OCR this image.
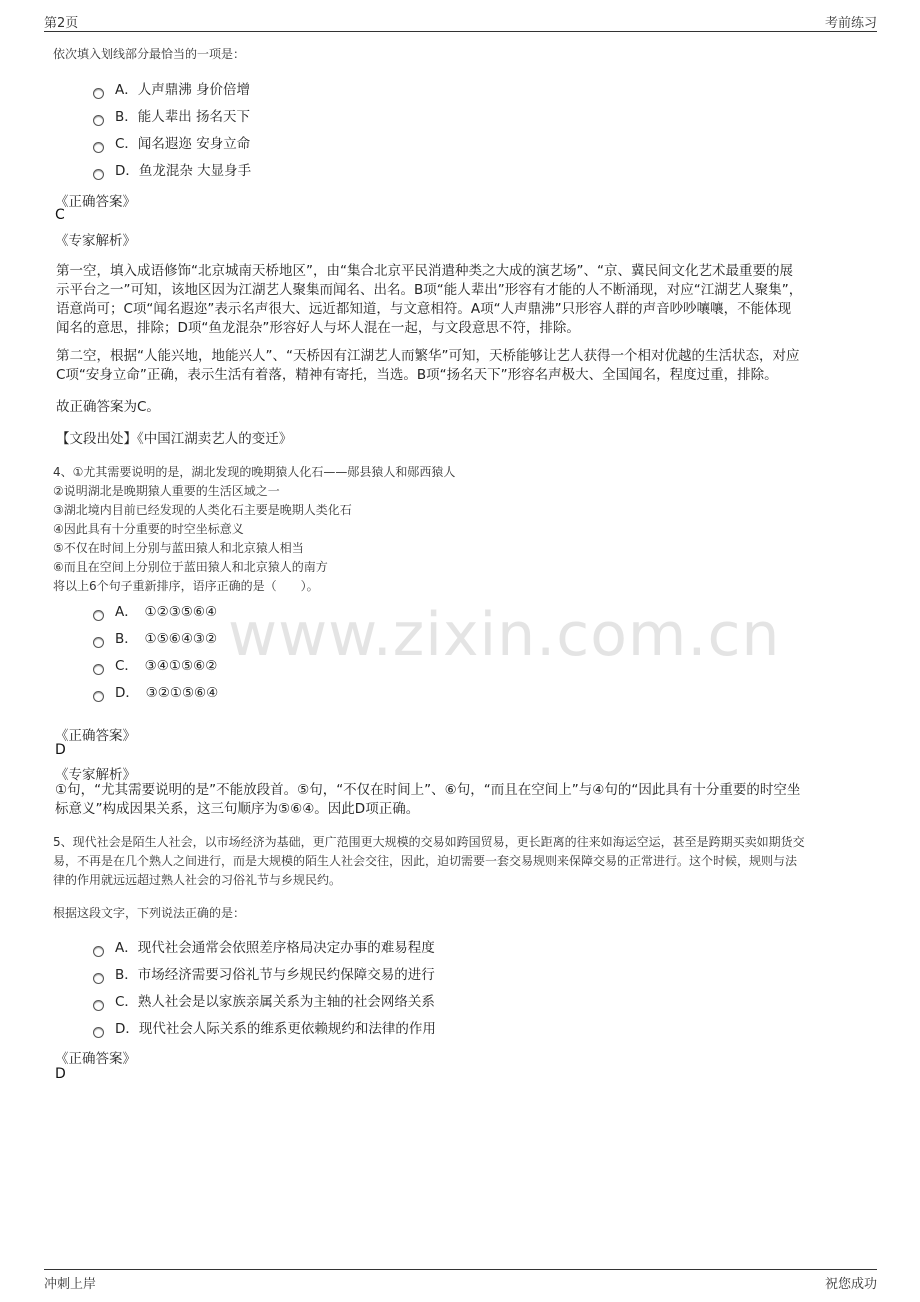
第2页	考前练习
www.zixin.com.cn
依次填入划线部分最恰当的一项是：
A．人声鼎沸 身价倍增
B．能人辈出 扬名天下
C．闻名遐迩 安身立命
D．鱼龙混杂 大显身手
《正确答案》
C
《专家解析》
第一空，填入成语修饰“北京城南天桥地区”，由“集合北京平民消遣种类之大成的演艺场”、“京、冀民间文化艺术最重要的展
示平台之一”可知，该地区因为江湖艺人聚集而闻名、出名。B项“能人辈出”形容有才能的人不断涌现，对应“江湖艺人聚集”，
语意尚可；C项“闻名遐迩”表示名声很大、远近都知道，与文意相符。A项“人声鼎沸”只形容人群的声音吵吵嚷嚷，不能体现
闻名的意思，排除；D项“鱼龙混杂”形容好人与坏人混在一起，与文段意思不符，排除。
第二空，根据“人能兴地，地能兴人”、“天桥因有江湖艺人而繁华”可知，天桥能够让艺人获得一个相对优越的生活状态，对应
C项“安身立命”正确，表示生活有着落，精神有寄托，当选。B项“扬名天下”形容名声极大、全国闻名，程度过重，排除。
故正确答案为C。
【文段出处】《中国江湖卖艺人的变迁》
4、①尤其需要说明的是，湖北发现的晚期猿人化石——郧县猿人和郧西猿人
②说明湖北是晚期猿人重要的生活区域之一
③湖北境内目前已经发现的人类化石主要是晚期人类化石
④因此具有十分重要的时空坐标意义
⑤不仅在时间上分别与蓝田猿人和北京猿人相当
⑥而且在空间上分别位于蓝田猿人和北京猿人的南方
将以上6个句子重新排序，语序正确的是（　　）。
A．　①②③⑤⑥④
B．　①⑤⑥④③②
C．　③④①⑤⑥②
D．　③②①⑤⑥④
《正确答案》
D
《专家解析》
①句，“尤其需要说明的是”不能放段首。⑤句，“不仅在时间上”、⑥句，“而且在空间上”与④句的“因此具有十分重要的时空坐
标意义”构成因果关系，这三句顺序为⑤⑥④。因此D项正确。
5、现代社会是陌生人社会，以市场经济为基础，更广范围更大规模的交易如跨国贸易，更长距离的往来如海运空运，甚至是跨期买卖如期货交
易，不再是在几个熟人之间进行，而是大规模的陌生人社会交往，因此，迫切需要一套交易规则来保障交易的正常进行。这个时候，规则与法
律的作用就远远超过熟人社会的习俗礼节与乡规民约。
根据这段文字，下列说法正确的是：
A．现代社会通常会依照差序格局决定办事的难易程度
B．市场经济需要习俗礼节与乡规民约保障交易的进行
C．熟人社会是以家族亲属关系为主轴的社会网络关系
D．现代社会人际关系的维系更依赖规约和法律的作用
《正确答案》
D
冲刺上岸	祝您成功
